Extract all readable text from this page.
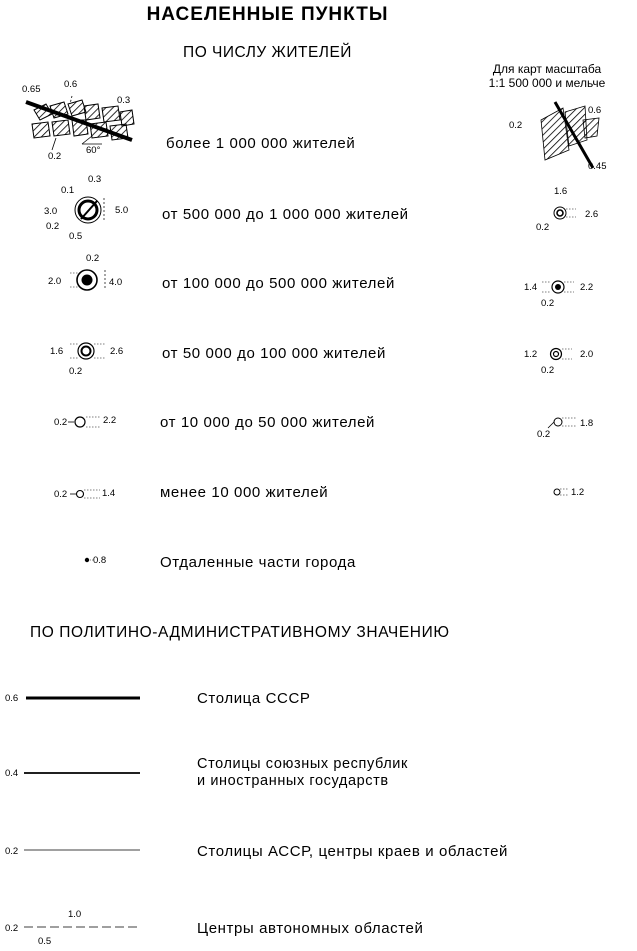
НАСЕЛЕННЫЕ ПУНКТЫ
ПО ЧИСЛУ ЖИТЕЛЕЙ
Для карт масштаба
1:1 500 000 и мельче
0.65 0.6
0.3
0.2
60°	более 1 000 000 жителей
0.6
0.2
0.45
0.1
0.3
3.0	5.0
0.2
0.5
от 500 000 до 1 000 000 жителей
1.6
2.6
0.2
0.2
2.0	4.0	от 100 000 до 500 000 жителей	1.4	2.2
0.2
1.6	2.6
0.2
от 50 000 до 100 000 жителей	1.2	2.0
0.2
0.2	2.2	от 10 000 до 50 000 жителей
0.2
1.8
0.2	1.4	менее 10 000 жителей	1.2
0.8	Отдаленные части города
ПО ПОЛИТИНО-АДМИНИСТРАТИВНОМУ ЗНАЧЕНИЮ
0.6	Столица СССР
0.4
Столицы союзных республик
и иностранных государств
0.2	Столицы АССР, центры краев и областей
0.2
1.0
0.5
Центры автономных областей
